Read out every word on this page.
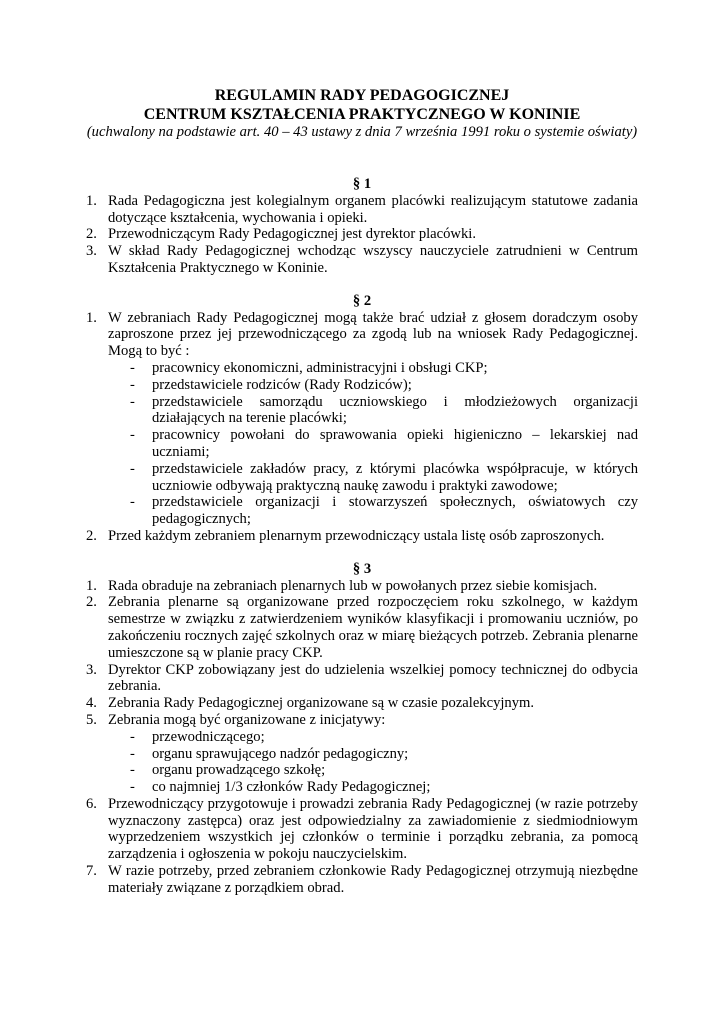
REGULAMIN RADY PEDAGOGICZNEJ
CENTRUM KSZTAŁCENIA PRAKTYCZNEGO W KONINIE
(uchwalony na podstawie art. 40 – 43 ustawy z dnia 7 września 1991 roku o systemie oświaty)
§ 1
1. Rada Pedagogiczna jest kolegialnym organem placówki realizującym statutowe zadania dotyczące kształcenia, wychowania i opieki.
2. Przewodniczącym Rady Pedagogicznej jest dyrektor placówki.
3. W skład Rady Pedagogicznej wchodząc wszyscy nauczyciele zatrudnieni w Centrum Kształcenia Praktycznego w Koninie.
§ 2
1. W zebraniach Rady Pedagogicznej mogą także brać udział z głosem doradczym osoby zaproszone przez jej przewodniczącego za zgodą lub na wniosek Rady Pedagogicznej. Mogą to być :
- pracownicy ekonomiczni, administracyjni i obsługi CKP;
- przedstawiciele rodziców (Rady Rodziców);
- przedstawiciele samorządu uczniowskiego i młodzieżowych organizacji działających na terenie placówki;
- pracownicy powołani do sprawowania opieki higieniczno – lekarskiej nad uczniami;
- przedstawiciele zakładów pracy, z którymi placówka współpracuje, w których uczniowie odbywają praktyczną naukę zawodu i praktyki zawodowe;
- przedstawiciele organizacji i stowarzyszeń społecznych, oświatowych czy pedagogicznych;
2. Przed każdym zebraniem plenarnym przewodniczący ustala listę osób zaproszonych.
§ 3
1. Rada obraduje na zebraniach plenarnych lub w powołanych przez siebie komisjach.
2. Zebrania plenarne są organizowane przed rozpoczęciem roku szkolnego, w każdym semestrze w związku z zatwierdzeniem wyników klasyfikacji i promowaniu uczniów, po zakończeniu rocznych zajęć szkolnych oraz w miarę bieżących potrzeb. Zebrania plenarne umieszczone są w planie pracy CKP.
3. Dyrektor CKP zobowiązany jest do udzielenia wszelkiej pomocy technicznej do odbycia zebrania.
4. Zebrania Rady Pedagogicznej organizowane są w czasie pozalekcyjnym.
5. Zebrania mogą być organizowane z inicjatywy:
- przewodniczącego;
- organu sprawującego nadzór pedagogiczny;
- organu prowadzącego szkołę;
- co najmniej 1/3 członków Rady Pedagogicznej;
6. Przewodniczący przygotowuje i prowadzi zebrania Rady Pedagogicznej (w razie potrzeby wyznaczony zastępca) oraz jest odpowiedzialny za zawiadomienie z siedmiodniowym wyprzedzeniem wszystkich jej członków o terminie i porządku zebrania, za pomocą zarządzenia i ogłoszenia w pokoju nauczycielskim.
7. W razie potrzeby, przed zebraniem członkowie Rady Pedagogicznej otrzymują niezbędne materiały związane z porządkiem obrad.
